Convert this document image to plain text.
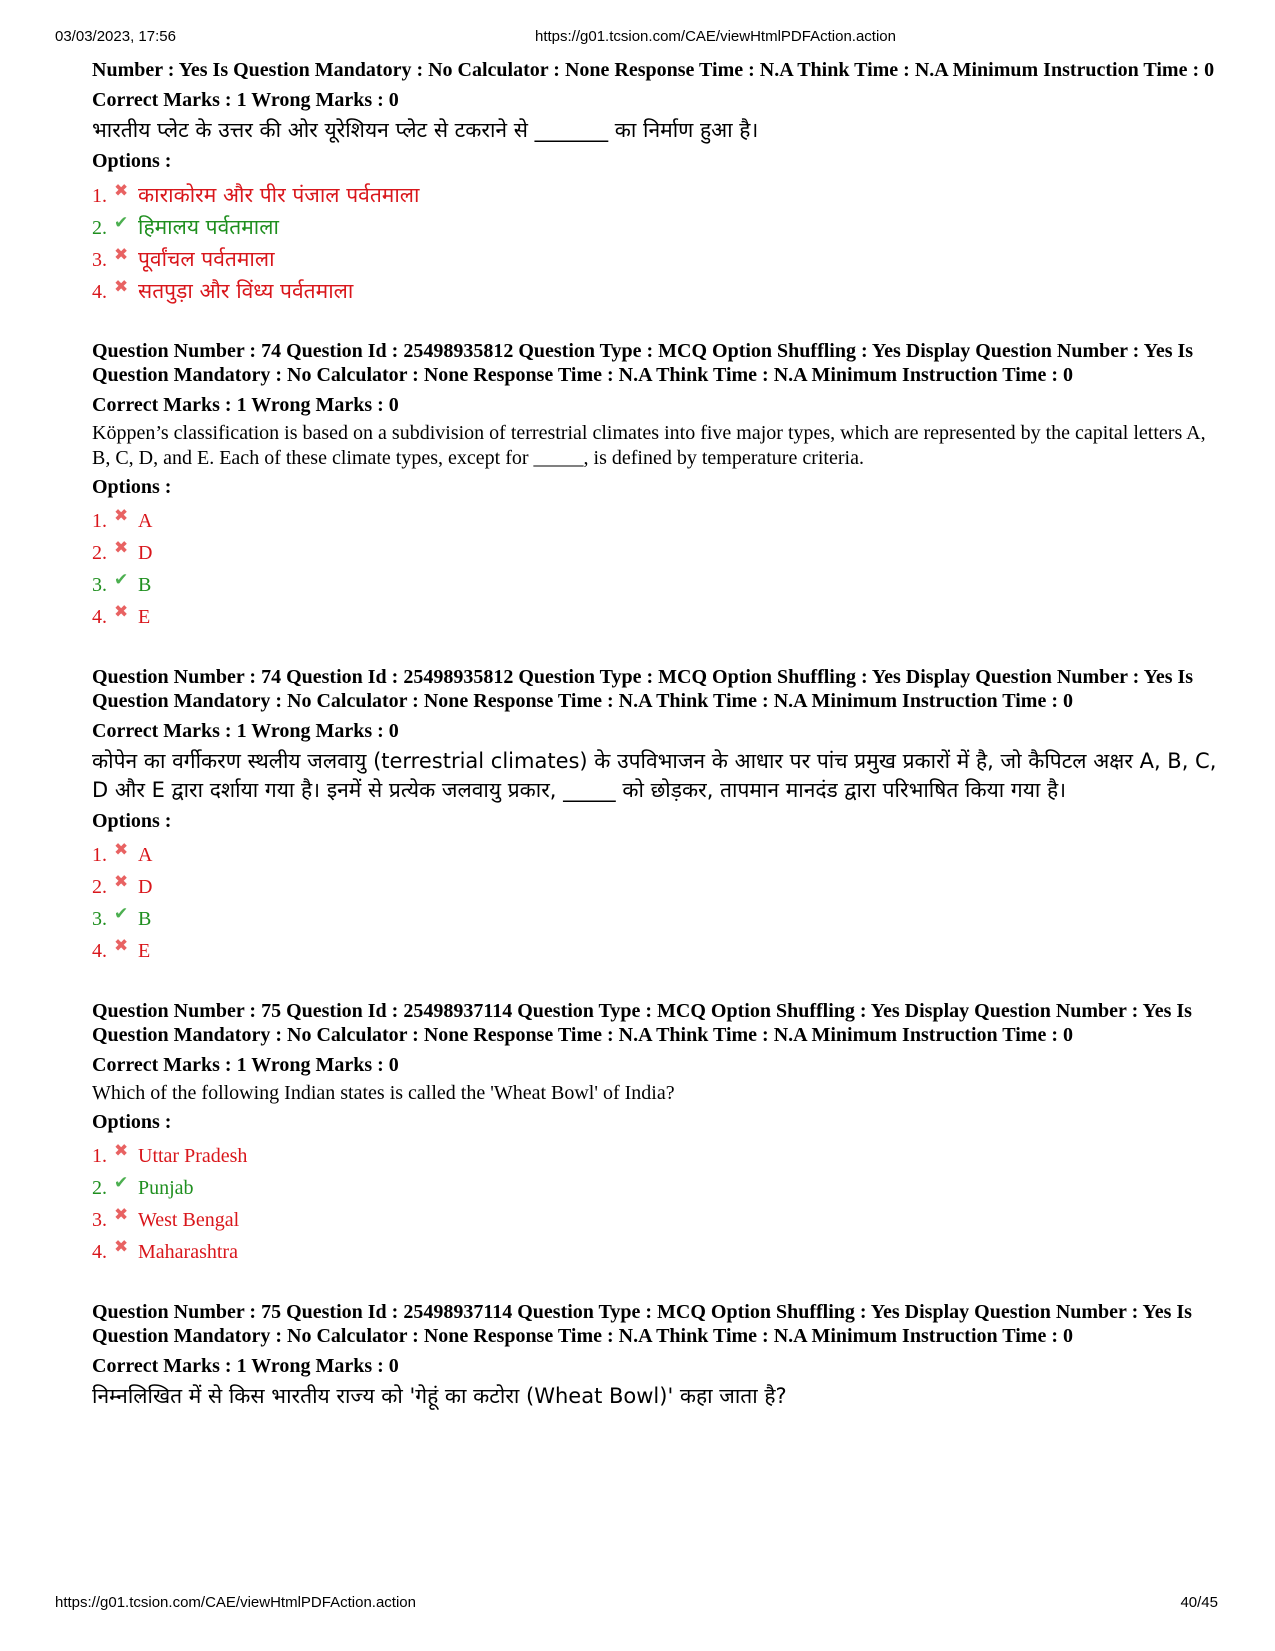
03/03/2023, 17:56	https://g01.tcsion.com/CAE/viewHtmlPDFAction.action

Number : Yes Is Question Mandatory : No Calculator : None Response Time : N.A Think Time : N.A Minimum Instruction Time : 0

Correct Marks : 1 Wrong Marks : 0

भारतीय प्लेट के उत्तर की ओर यूरेशियन प्लेट से टकराने से _______ का निर्माण हुआ है।

Options :

1. ✖ काराकोरम और पीर पंजाल पर्वतमाला
2. ✔ हिमालय पर्वतमाला
3. ✖ पूर्वांचल पर्वतमाला
4. ✖ सतपुड़ा और विंध्य पर्वतमाला

Question Number : 74 Question Id : 25498935812 Question Type : MCQ Option Shuffling : Yes Display Question Number : Yes Is Question Mandatory : No Calculator : None Response Time : N.A Think Time : N.A Minimum Instruction Time : 0

Correct Marks : 1 Wrong Marks : 0

Köppen’s classification is based on a subdivision of terrestrial climates into five major types, which are represented by the capital letters A, B, C, D, and E. Each of these climate types, except for _____, is defined by temperature criteria.

Options :

1. ✖ A
2. ✖ D
3. ✔ B
4. ✖ E

Question Number : 74 Question Id : 25498935812 Question Type : MCQ Option Shuffling : Yes Display Question Number : Yes Is Question Mandatory : No Calculator : None Response Time : N.A Think Time : N.A Minimum Instruction Time : 0

Correct Marks : 1 Wrong Marks : 0

कोपेन का वर्गीकरण स्थलीय जलवायु (terrestrial climates) के उपविभाजन के आधार पर पांच प्रमुख प्रकारों में है, जो कैपिटल अक्षर A, B, C, D और E द्वारा दर्शाया गया है। इनमें से प्रत्येक जलवायु प्रकार, _____ को छोड़कर, तापमान मानदंड द्वारा परिभाषित किया गया है।

Options :

1. ✖ A
2. ✖ D
3. ✔ B
4. ✖ E

Question Number : 75 Question Id : 25498937114 Question Type : MCQ Option Shuffling : Yes Display Question Number : Yes Is Question Mandatory : No Calculator : None Response Time : N.A Think Time : N.A Minimum Instruction Time : 0

Correct Marks : 1 Wrong Marks : 0

Which of the following Indian states is called the 'Wheat Bowl' of India?

Options :

1. ✖ Uttar Pradesh
2. ✔ Punjab
3. ✖ West Bengal
4. ✖ Maharashtra

Question Number : 75 Question Id : 25498937114 Question Type : MCQ Option Shuffling : Yes Display Question Number : Yes Is Question Mandatory : No Calculator : None Response Time : N.A Think Time : N.A Minimum Instruction Time : 0

Correct Marks : 1 Wrong Marks : 0

निम्नलिखित में से किस भारतीय राज्य को 'गेहूं का कटोरा (Wheat Bowl)' कहा जाता है?

https://g01.tcsion.com/CAE/viewHtmlPDFAction.action	40/45
